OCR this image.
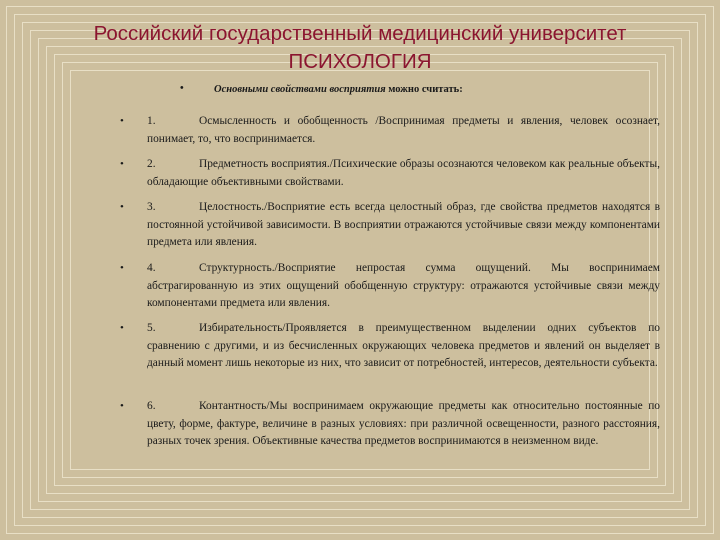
Российский государственный медицинский университет
ПСИХОЛОГИЯ
•	Основными свойствами восприятия можно считать:
• 1.	Осмысленность и обобщенность /Воспринимая предметы и явления, человек осознает, понимает, то, что воспринимается.
• 2.	Предметность восприятия./Психические образы осознаются человеком как реальные объекты, обладающие объективными свойствами.
• 3.	Целостность./Восприятие есть всегда целостный образ, где свойства предметов находятся в постоянной устойчивой зависимости. В восприятии отражаются устойчивые связи между компонентами предмета или явления.
• 4.	Структурность./Восприятие непростая сумма ощущений. Мы воспринимаем абстрагированную из этих ощущений обобщенную структуру: отражаются устойчивые связи между компонентами предмета или явления.
• 5.	Избирательность/Проявляется в преимущественном выделении одних субъектов по сравнению с другими, и из бесчисленных окружающих человека предметов и явлений он выделяет в данный момент лишь некоторые из них, что зависит от потребностей, интересов, деятельности субъекта.
• 6.	Контантность/Мы воспринимаем окружающие предметы как относительно постоянные по цвету, форме, фактуре, величине в разных условиях: при различной освещенности, разного расстояния, разных точек зрения. Объективные качества предметов воспринимаются в неизменном виде.
